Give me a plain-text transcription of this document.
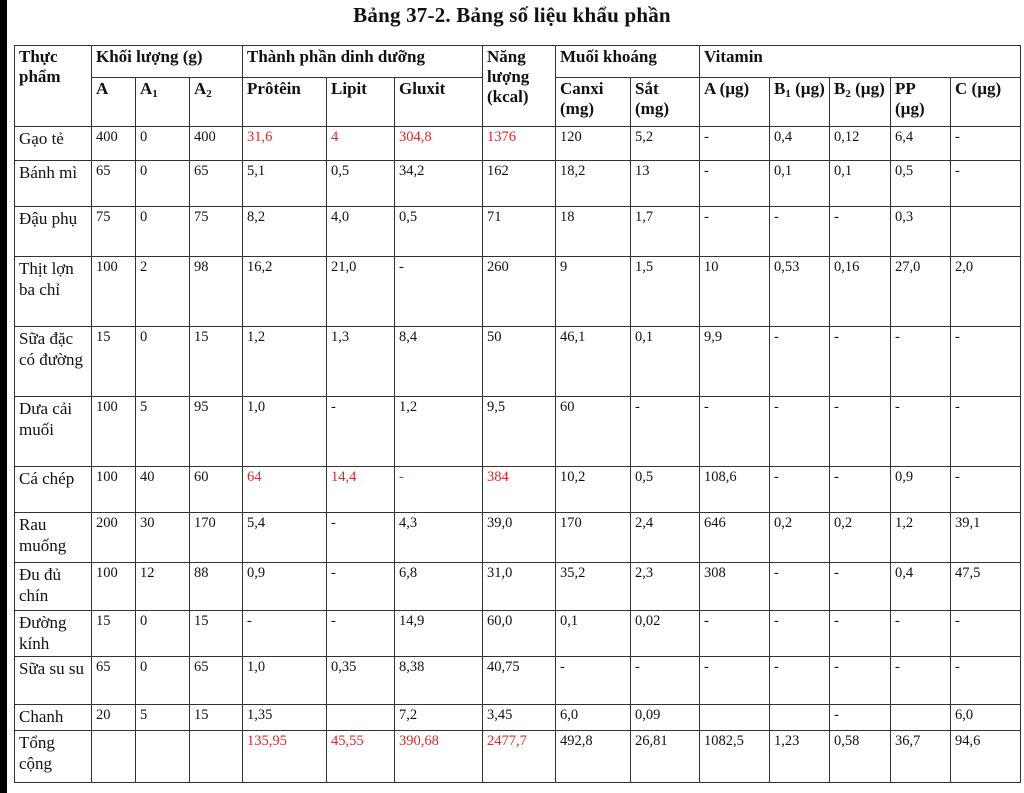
Bảng 37-2. Bảng số liệu khẩu phần
Thực phẩm	Khối lượng (g)			Thành phần dinh dưỡng			Năng lượng (kcal)	Muối khoáng		Vitamin				
	A	$A_1$	$A_2$	Prôtêin	Lipit	Gluxit		Canxi (mg)	Sắt (mg)	A (µg)	$B_1$ (µg)	$B_2$ (µg)	PP (µg)	C (µg)
Gạo tẻ	400	0	400	31,6	4	304,8	1376	120	5,2	-	0,4	0,12	6,4	-
Bánh mì	65	0	65	5,1	0,5	34,2	162	18,2	13	-	0,1	0,1	0,5	-
Đậu phụ	75	0	75	8,2	4,0	0,5	71	18	1,7	-	-	-	0,3	
Thịt lợn ba chỉ	100	2	98	16,2	21,0	-	260	9	1,5	10	0,53	0,16	27,0	2,0
Sữa đặc có đường	15	0	15	1,2	1,3	8,4	50	46,1	0,1	9,9	-	-	-	-
Dưa cải muối	100	5	95	1,0	-	1,2	9,5	60	-	-	-	-	-	-
Cá chép	100	40	60	64	14,4	-	384	10,2	0,5	108,6	-	-	0,9	-
Rau muống	200	30	170	5,4	-	4,3	39,0	170	2,4	646	0,2	0,2	1,2	39,1
Đu đủ chín	100	12	88	0,9	-	6,8	31,0	35,2	2,3	308	-	-	0,4	47,5
Đường kính	15	0	15	-	-	14,9	60,0	0,1	0,02	-	-	-	-	-
Sữa su su	65	0	65	1,0	0,35	8,38	40,75	-	-	-	-	-	-	-
Chanh	20	5	15	1,35		7,2	3,45	6,0	0,09			-		6,0
Tổng cộng				135,95	45,55	390,68	2477,7	492,8	26,81	1082,5	1,23	0,58	36,7	94,6
